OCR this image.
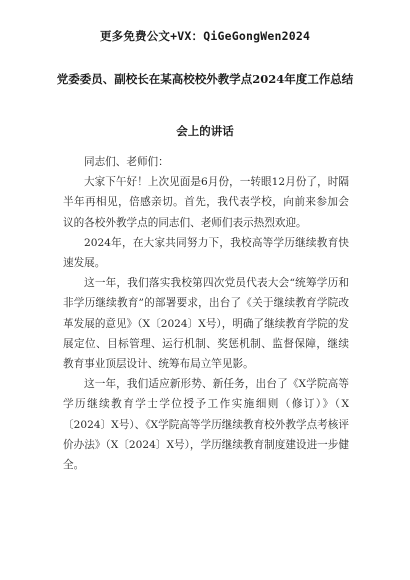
更多免费公文+VX：QiGeGongWen2024
党委委员、副校长在某高校校外教学点2024年度工作总结
会上的讲话

同志们、老师们：

大家下午好！上次见面是6月份，一转眼12月份了，时隔半年再相见，倍感亲切。首先，我代表学校，向前来参加会议的各校外教学点的同志们、老师们表示热烈欢迎。

2024年，在大家共同努力下，我校高等学历继续教育快速发展。

这一年，我们落实我校第四次党员代表大会“统筹学历和非学历继续教育”的部署要求，出台了《关于继续教育学院改革发展的意见》（X〔2024〕X号），明确了继续教育学院的发展定位、目标管理、运行机制、奖惩机制、监督保障，继续教育事业顶层设计、统筹布局立竿见影。

这一年，我们适应新形势、新任务，出台了《X学院高等学历继续教育学士学位授予工作实施细则（修订）》（X〔2024〕X号）、《X学院高等学历继续教育校外教学点考核评价办法》（X〔2024〕X号），学历继续教育制度建设进一步健全。
